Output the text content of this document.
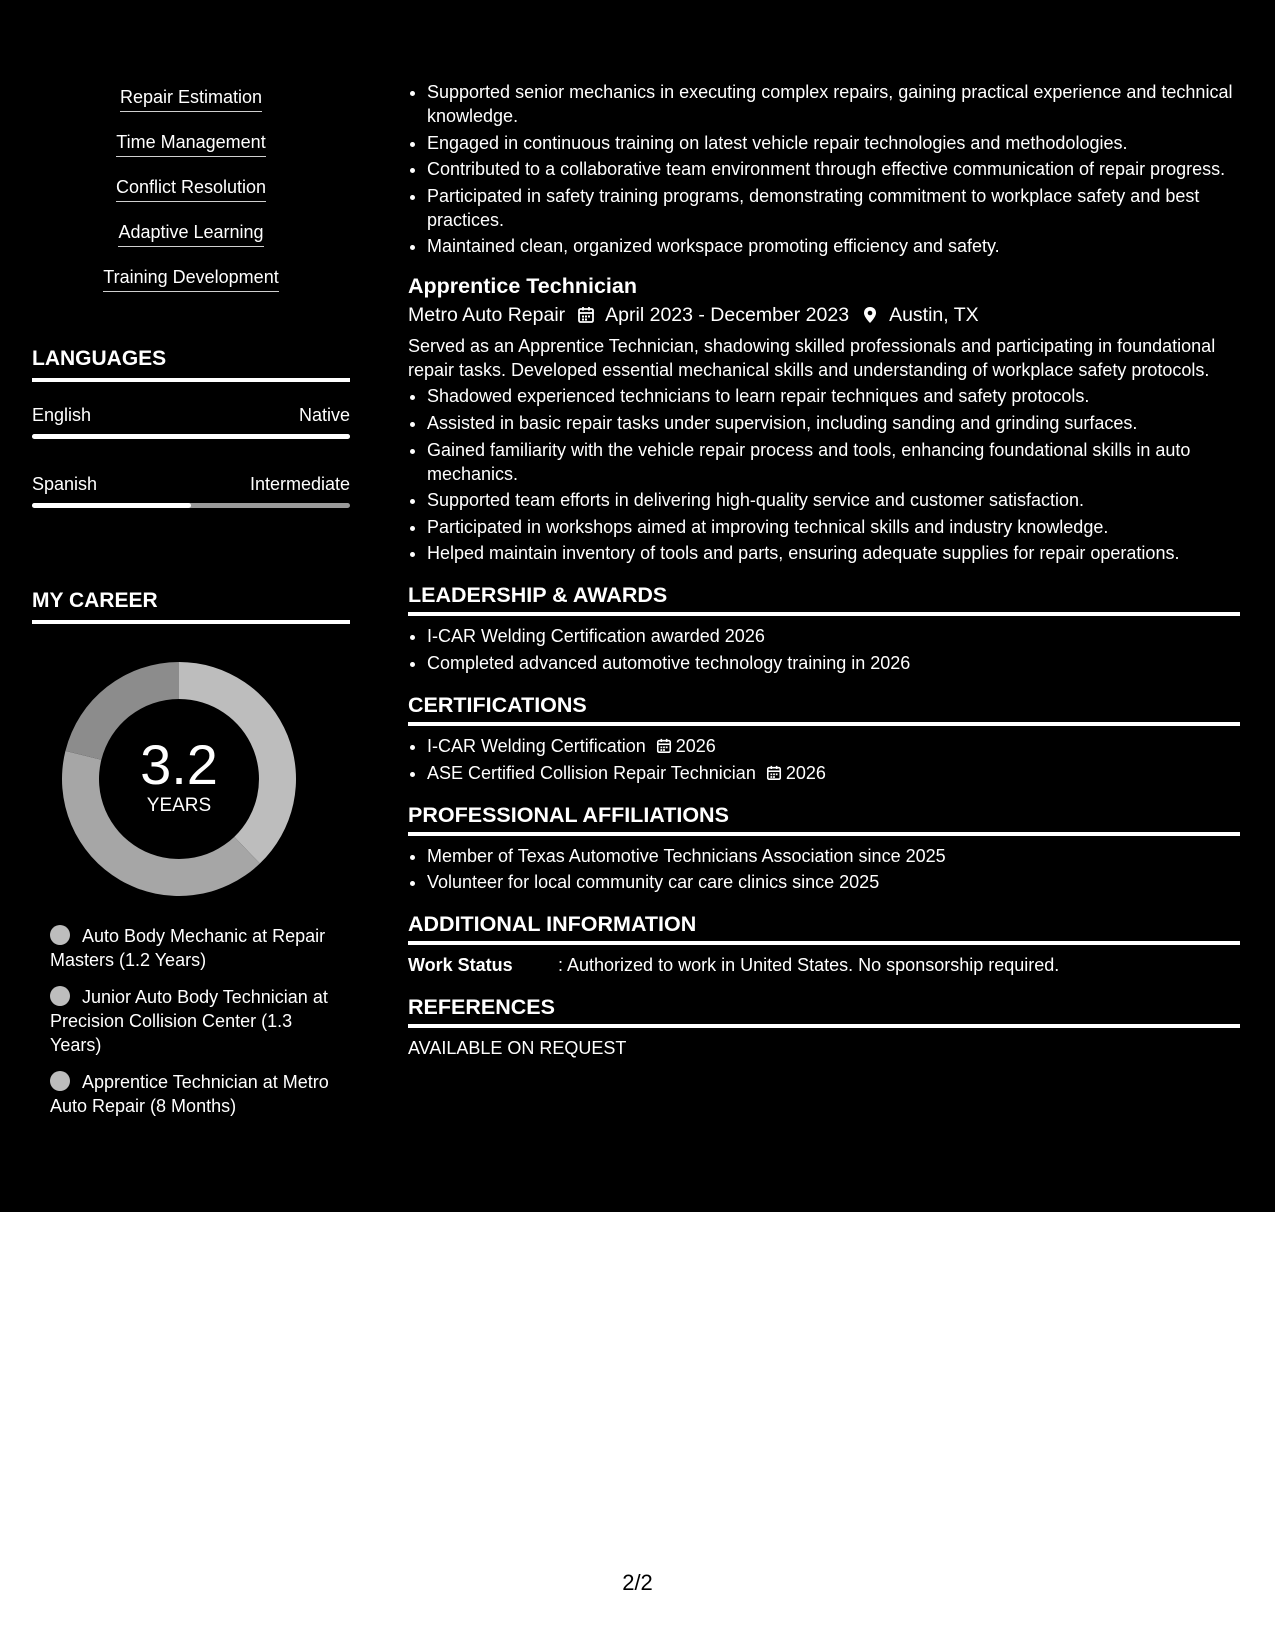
Repair Estimation
Time Management
Conflict Resolution
Adaptive Learning
Training Development
LANGUAGES
English	Native
Spanish	Intermediate
MY CAREER
3.2
YEARS
Auto Body Mechanic at Repair Masters (1.2 Years)
Junior Auto Body Technician at Precision Collision Center (1.3 Years)
Apprentice Technician at Metro Auto Repair (8 Months)
• Supported senior mechanics in executing complex repairs, gaining practical experience and technical knowledge.
• Engaged in continuous training on latest vehicle repair technologies and methodologies.
• Contributed to a collaborative team environment through effective communication of repair progress.
• Participated in safety training programs, demonstrating commitment to workplace safety and best practices.
• Maintained clean, organized workspace promoting efficiency and safety.
Apprentice Technician
Metro Auto Repair April 2023 - December 2023 Austin, TX
Served as an Apprentice Technician, shadowing skilled professionals and participating in foundational repair tasks. Developed essential mechanical skills and understanding of workplace safety protocols.
• Shadowed experienced technicians to learn repair techniques and safety protocols.
• Assisted in basic repair tasks under supervision, including sanding and grinding surfaces.
• Gained familiarity with the vehicle repair process and tools, enhancing foundational skills in auto mechanics.
• Supported team efforts in delivering high-quality service and customer satisfaction.
• Participated in workshops aimed at improving technical skills and industry knowledge.
• Helped maintain inventory of tools and parts, ensuring adequate supplies for repair operations.
LEADERSHIP & AWARDS
• I-CAR Welding Certification awarded 2026
• Completed advanced automotive technology training in 2026
CERTIFICATIONS
• I-CAR Welding Certification 2026
• ASE Certified Collision Repair Technician 2026
PROFESSIONAL AFFILIATIONS
• Member of Texas Automotive Technicians Association since 2025
• Volunteer for local community car care clinics since 2025
ADDITIONAL INFORMATION
Work Status	: Authorized to work in United States. No sponsorship required.
REFERENCES
AVAILABLE ON REQUEST
2/2
